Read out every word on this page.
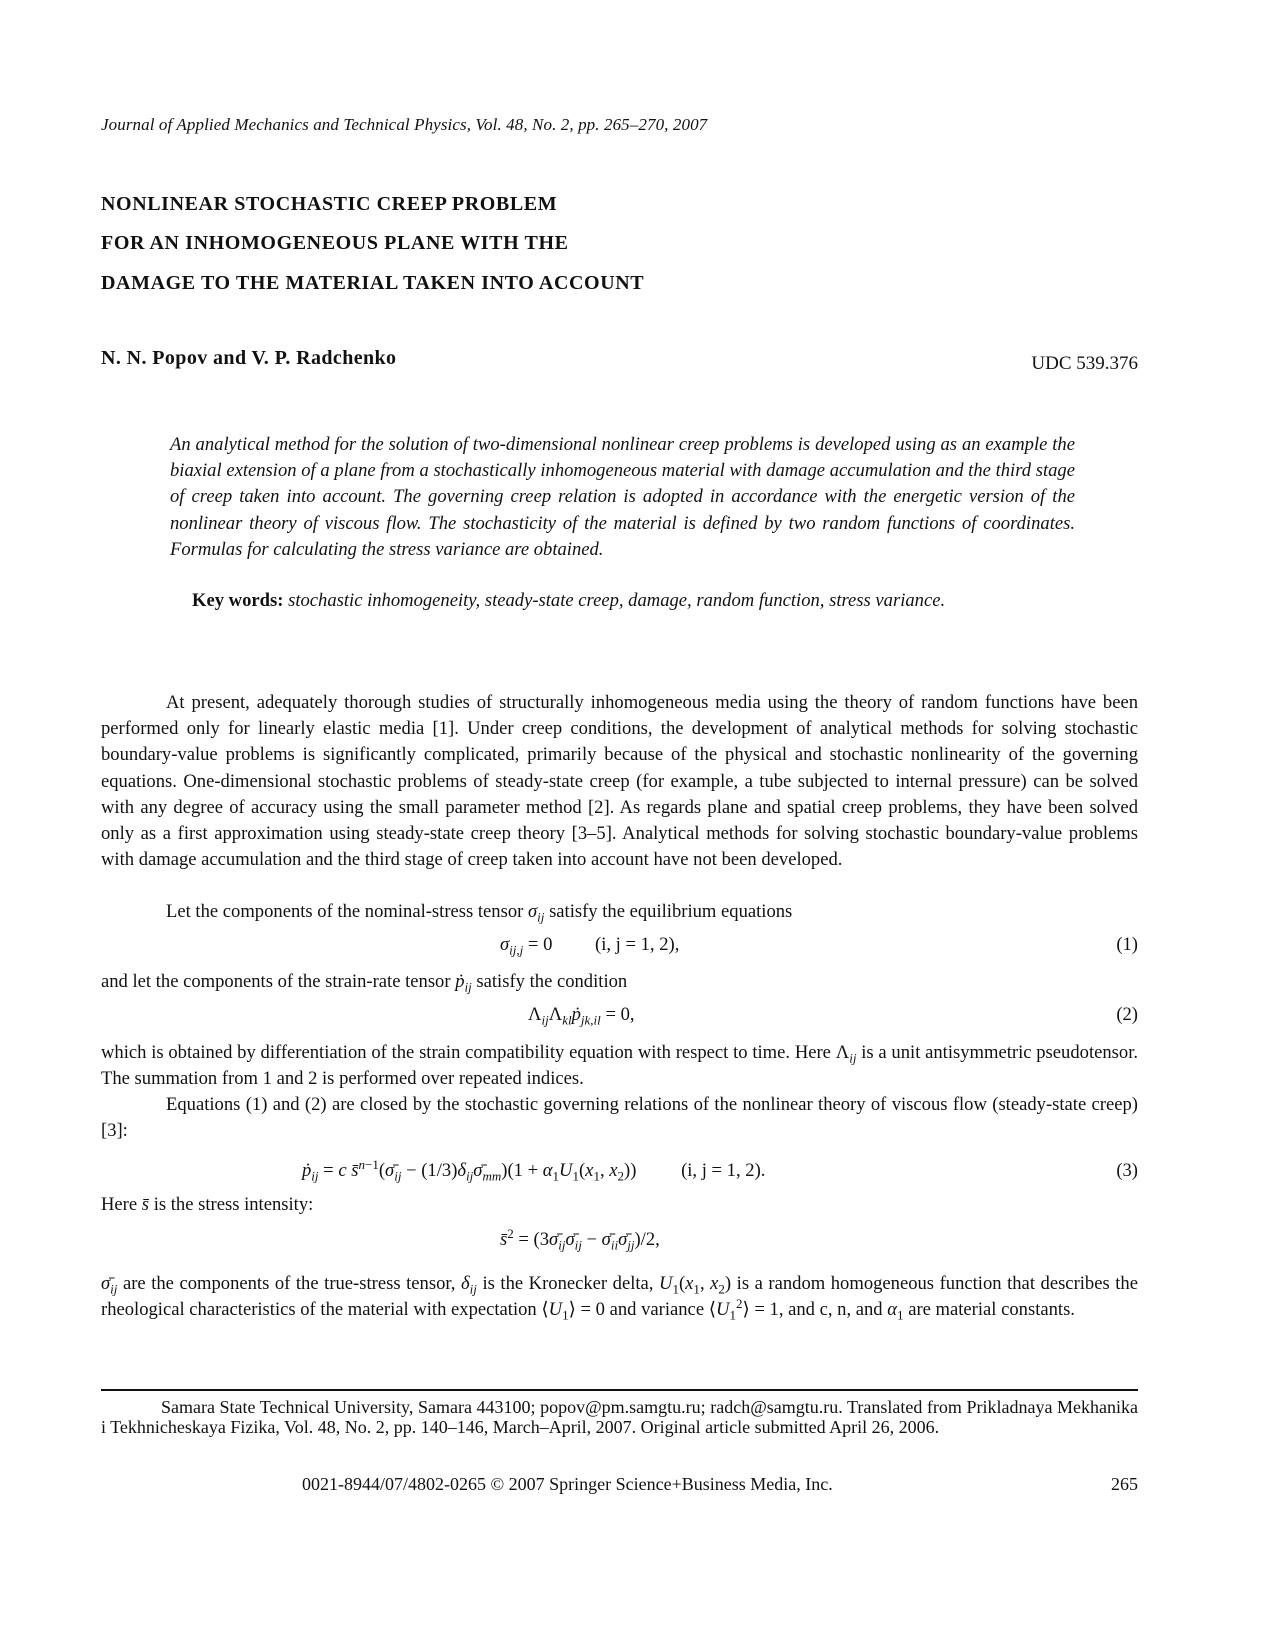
Journal of Applied Mechanics and Technical Physics, Vol. 48, No. 2, pp. 265–270, 2007
NONLINEAR STOCHASTIC CREEP PROBLEM
FOR AN INHOMOGENEOUS PLANE WITH THE
DAMAGE TO THE MATERIAL TAKEN INTO ACCOUNT
N. N. Popov and V. P. Radchenko	UDC 539.376
An analytical method for the solution of two-dimensional nonlinear creep problems is developed using as an example the biaxial extension of a plane from a stochastically inhomogeneous material with damage accumulation and the third stage of creep taken into account. The governing creep relation is adopted in accordance with the energetic version of the nonlinear theory of viscous flow. The stochasticity of the material is defined by two random functions of coordinates. Formulas for calculating the stress variance are obtained.
Key words: stochastic inhomogeneity, steady-state creep, damage, random function, stress variance.
At present, adequately thorough studies of structurally inhomogeneous media using the theory of random functions have been performed only for linearly elastic media [1]. Under creep conditions, the development of analytical methods for solving stochastic boundary-value problems is significantly complicated, primarily because of the physical and stochastic nonlinearity of the governing equations. One-dimensional stochastic problems of steady-state creep (for example, a tube subjected to internal pressure) can be solved with any degree of accuracy using the small parameter method [2]. As regards plane and spatial creep problems, they have been solved only as a first approximation using steady-state creep theory [3–5]. Analytical methods for solving stochastic boundary-value problems with damage accumulation and the third stage of creep taken into account have not been developed.
Let the components of the nominal-stress tensor $\sigma_{ij}$ satisfy the equilibrium equations
$\sigma_{ij,j} = 0$ (i, j = 1, 2),	(1)
and let the components of the strain-rate tensor ṗ$_{ij}$ satisfy the condition
$\Lambda_{ij}\Lambda_{kl}ṗ_{jk,il} = 0$,	(2)
which is obtained by differentiation of the strain compatibility equation with respect to time. Here $\Lambda_{ij}$ is a unit antisymmetric pseudotensor. The summation from 1 and 2 is performed over repeated indices.
Equations (1) and (2) are closed by the stochastic governing relations of the nonlinear theory of viscous flow (steady-state creep) [3]:
ṗ$_{ij}$ = c $s̄^{n-1}(\sigmā_{ij}$ − $(1/3)\delta_{ij}\sigmā_{mm})(1 + \alpha_1U_1(x_1$, $x_2$)) (i, j = 1, 2).	(3)
Here s̄ is the stress intensity:
s̄$^2$ = ($3\sigmā_{ij}\sigmā_{ij}$ − $\sigmā_{ii}\sigmā_{jj})/2$,
$\sigmā_{ij}$ are the components of the true-stress tensor, $\delta_{ij}$ is the Kronecker delta, $U_1(x_1$, $x_2$) is a random homogeneous function that describes the rheological characteristics of the material with expectation $⟨U_1⟩ = 0$ and variance $⟨U_1^2⟩ = 1$, and c, n, and $\alpha_1$ are material constants.
Samara State Technical University, Samara 443100; popov@pm.samgtu.ru; radch@samgtu.ru. Translated from Prikladnaya Mekhanika i Tekhnicheskaya Fizika, Vol. 48, No. 2, pp. 140–146, March–April, 2007. Original article submitted April 26, 2006.
0021-8944/07/4802-0265 © 2007 Springer Science+Business Media, Inc.	265
